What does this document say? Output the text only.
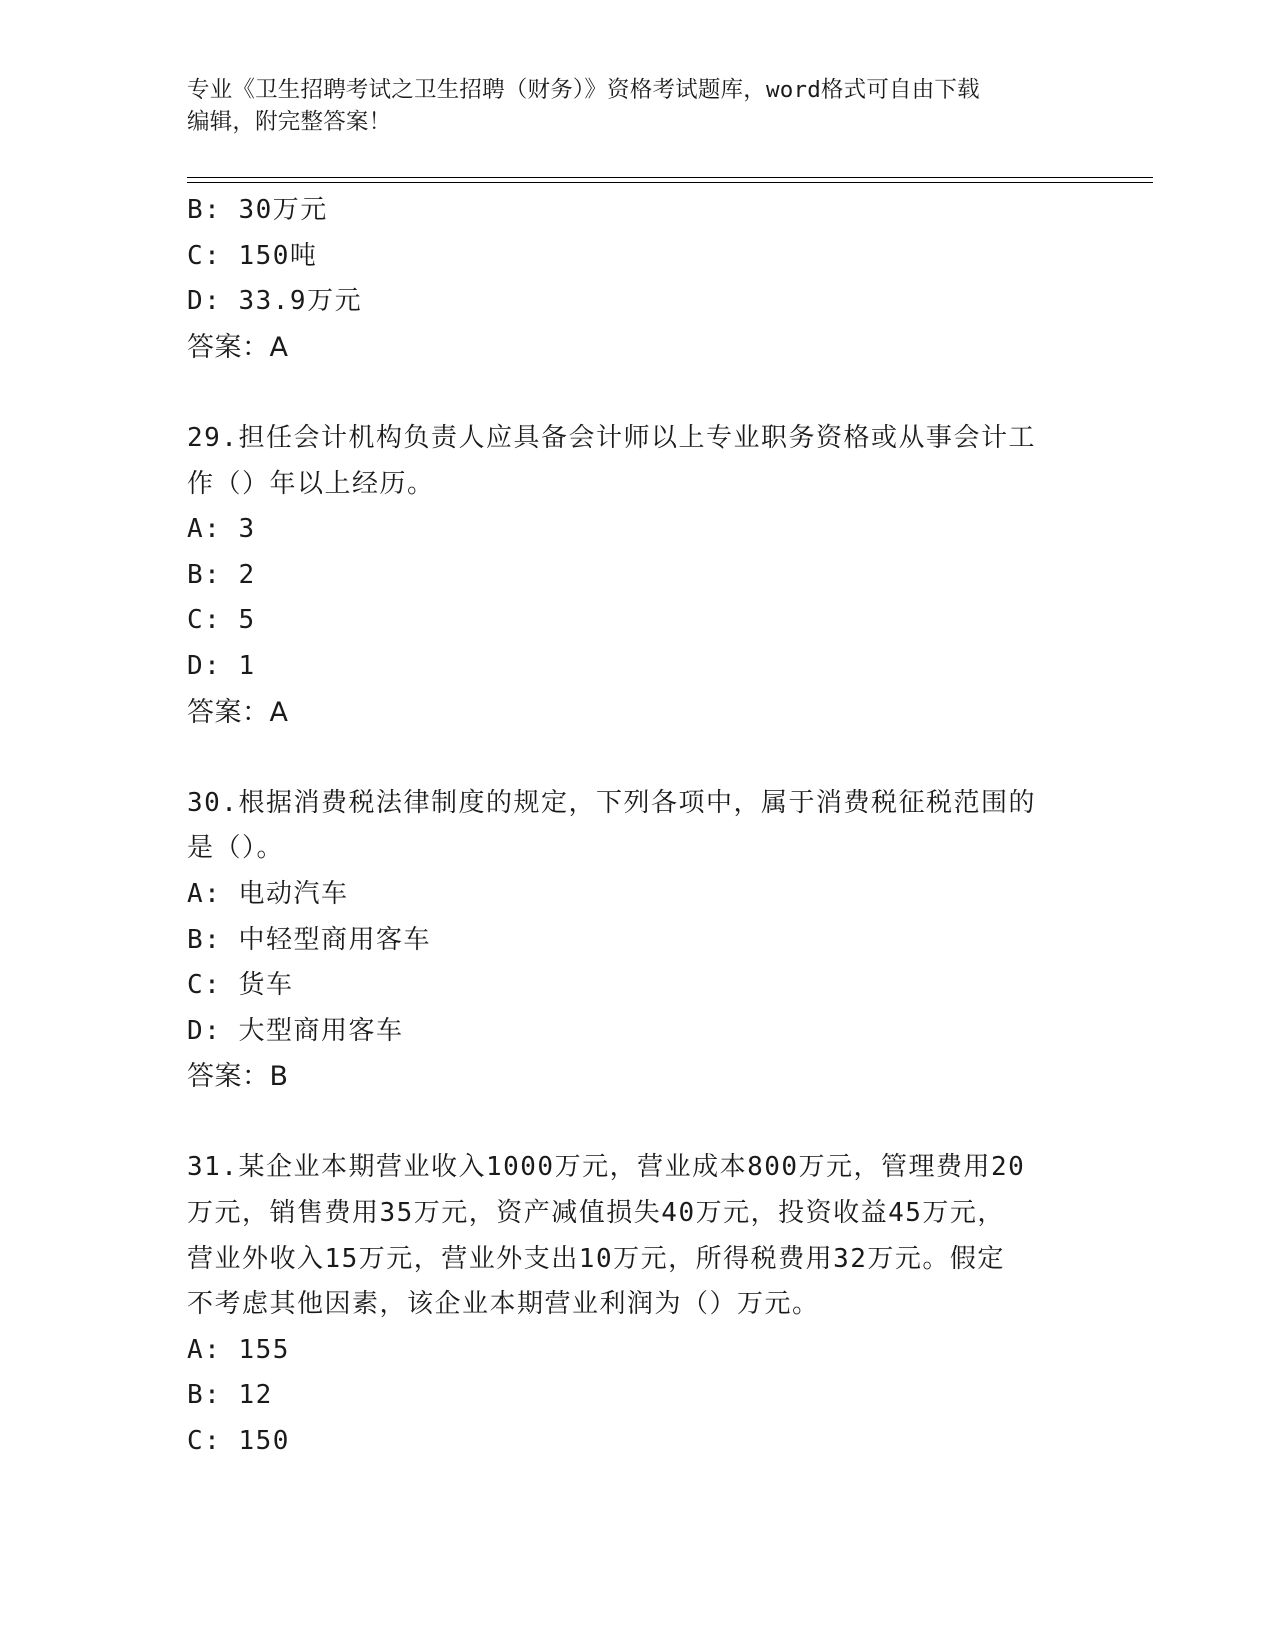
专业《卫生招聘考试之卫生招聘（财务）》资格考试题库，word格式可自由下载
编辑，附完整答案！
B: 30万元
C: 150吨
D: 33.9万元
答案：A
29.担任会计机构负责人应具备会计师以上专业职务资格或从事会计工
作（）年以上经历。
A: 3
B: 2
C: 5
D: 1
答案：A
30.根据消费税法律制度的规定，下列各项中，属于消费税征税范围的
是（）。
A: 电动汽车
B: 中轻型商用客车
C: 货车
D: 大型商用客车
答案：B
31.某企业本期营业收入1000万元，营业成本800万元，管理费用20
万元，销售费用35万元，资产减值损失40万元，投资收益45万元，
营业外收入15万元，营业外支出10万元，所得税费用32万元。假定
不考虑其他因素，该企业本期营业利润为（）万元。
A: 155
B: 12
C: 150
